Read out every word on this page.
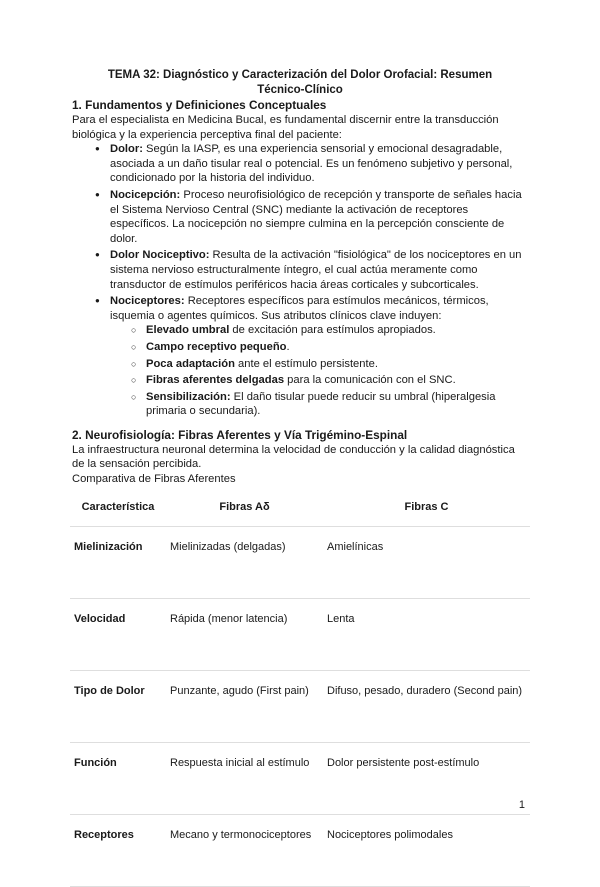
TEMA 32: Diagnóstico y Caracterización del Dolor Orofacial: Resumen Técnico-Clínico
1. Fundamentos y Definiciones Conceptuales

Para el especialista en Medicina Bucal, es fundamental discernir entre la transducción biológica y la experiencia perceptiva final del paciente:

● Dolor: Según la IASP, es una experiencia sensorial y emocional desagradable, asociada a un daño tisular real o potencial. Es un fenómeno subjetivo y personal, condicionado por la historia del individuo.
● Nocicepción: Proceso neurofisiológico de recepción y transporte de señales hacia el Sistema Nervioso Central (SNC) mediante la activación de receptores específicos. La nocicepción no siempre culmina en la percepción consciente de dolor.
● Dolor Nociceptivo: Resulta de la activación "fisiológica" de los nociceptores en un sistema nervioso estructuralmente íntegro, el cual actúa meramente como transductor de estímulos periféricos hacia áreas corticales y subcorticales.
● Nociceptores: Receptores específicos para estímulos mecánicos, térmicos, isquemia o agentes químicos. Sus atributos clínicos clave induyen:
○ Elevado umbral de excitación para estímulos apropiados.
○ Campo receptivo pequeño.
○ Poca adaptación ante el estímulo persistente.
○ Fibras aferentes delgadas para la comunicación con el SNC.
○ Sensibilización: El daño tisular puede reducir su umbral (hiperalgesia primaria o secundaria).
2. Neurofisiología: Fibras Aferentes y Vía Trigémino-Espinal

La infraestructura neuronal determina la velocidad de conducción y la calidad diagnóstica de la sensación percibida.

Comparativa de Fibras Aferentes

Característica	Fibras Aδ	Fibras C
Mielinización	Mielinizadas (delgadas)	Amielínicas
Velocidad	Rápida (menor latencia)	Lenta
Tipo de Dolor	Punzante, agudo (First pain)	Difuso, pesado, duradero (Second pain)
Función	Respuesta inicial al estímulo	Dolor persistente post-estímulo
Receptores	Mecano y termonociceptores	Nociceptores polimodales
1
